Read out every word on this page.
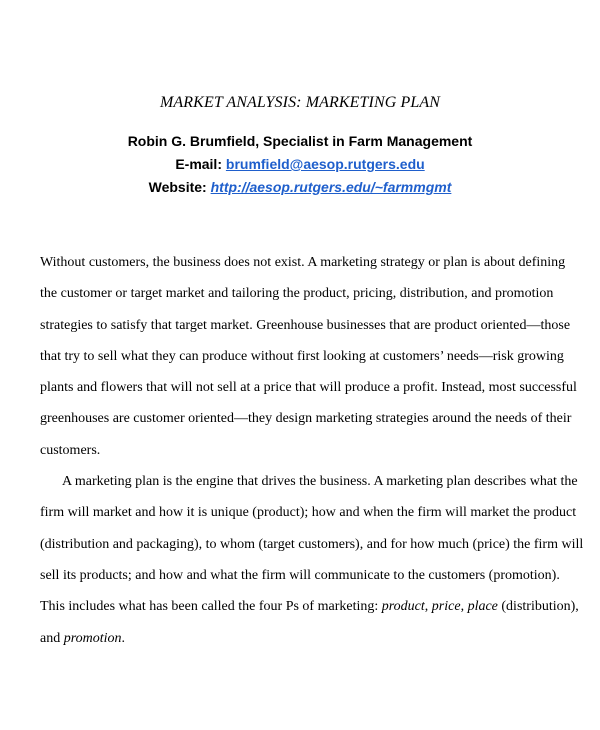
MARKET ANALYSIS: MARKETING PLAN
Robin G. Brumfield, Specialist in Farm Management
E-mail: brumfield@aesop.rutgers.edu
Website: http://aesop.rutgers.edu/~farmmgmt
Without customers, the business does not exist. A marketing strategy or plan is about defining
the customer or target market and tailoring the product, pricing, distribution, and promotion
strategies to satisfy that target market. Greenhouse businesses that are product oriented—those
that try to sell what they can produce without first looking at customers’ needs—risk growing
plants and flowers that will not sell at a price that will produce a profit. Instead, most successful
greenhouses are customer oriented—they design marketing strategies around the needs of their
customers.
A marketing plan is the engine that drives the business. A marketing plan describes what the
firm will market and how it is unique (product); how and when the firm will market the product
(distribution and packaging), to whom (target customers), and for how much (price) the firm will
sell its products; and how and what the firm will communicate to the customers (promotion).
This includes what has been called the four Ps of marketing: product, price, place (distribution),
and promotion.
